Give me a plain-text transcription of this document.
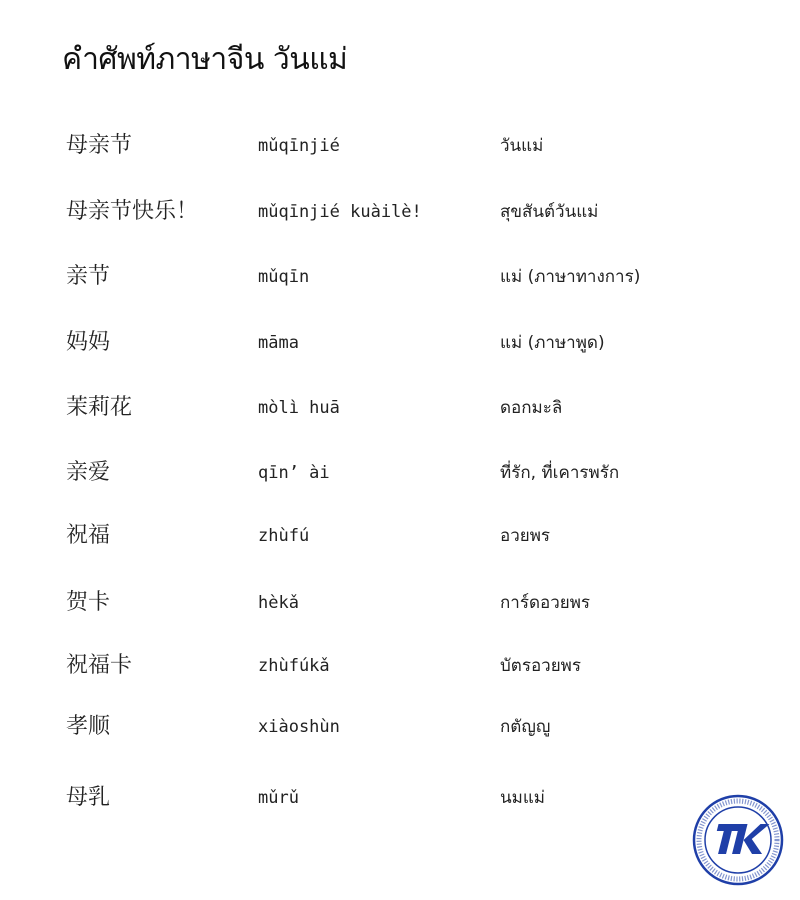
คำศัพท์ภาษาจีน วันแม่
母亲节	mǔqīnjié	วันแม่
母亲节快乐！	mǔqīnjié kuàilè!	สุขสันต์วันแม่
亲节	mǔqīn	แม่ (ภาษาทางการ)
妈妈	māma	แม่ (ภาษาพูด)
茉莉花	mòlì huā	ดอกมะลิ
亲爱	qīn’ ài	ที่รัก, ที่เคารพรัก
祝福	zhùfú	อวยพร
贺卡	hèkǎ	การ์ดอวยพร
祝福卡	zhùfúkǎ	บัตรอวยพร
孝顺	xiàoshùn	กตัญญู
母乳	mǔrǔ	นมแม่
